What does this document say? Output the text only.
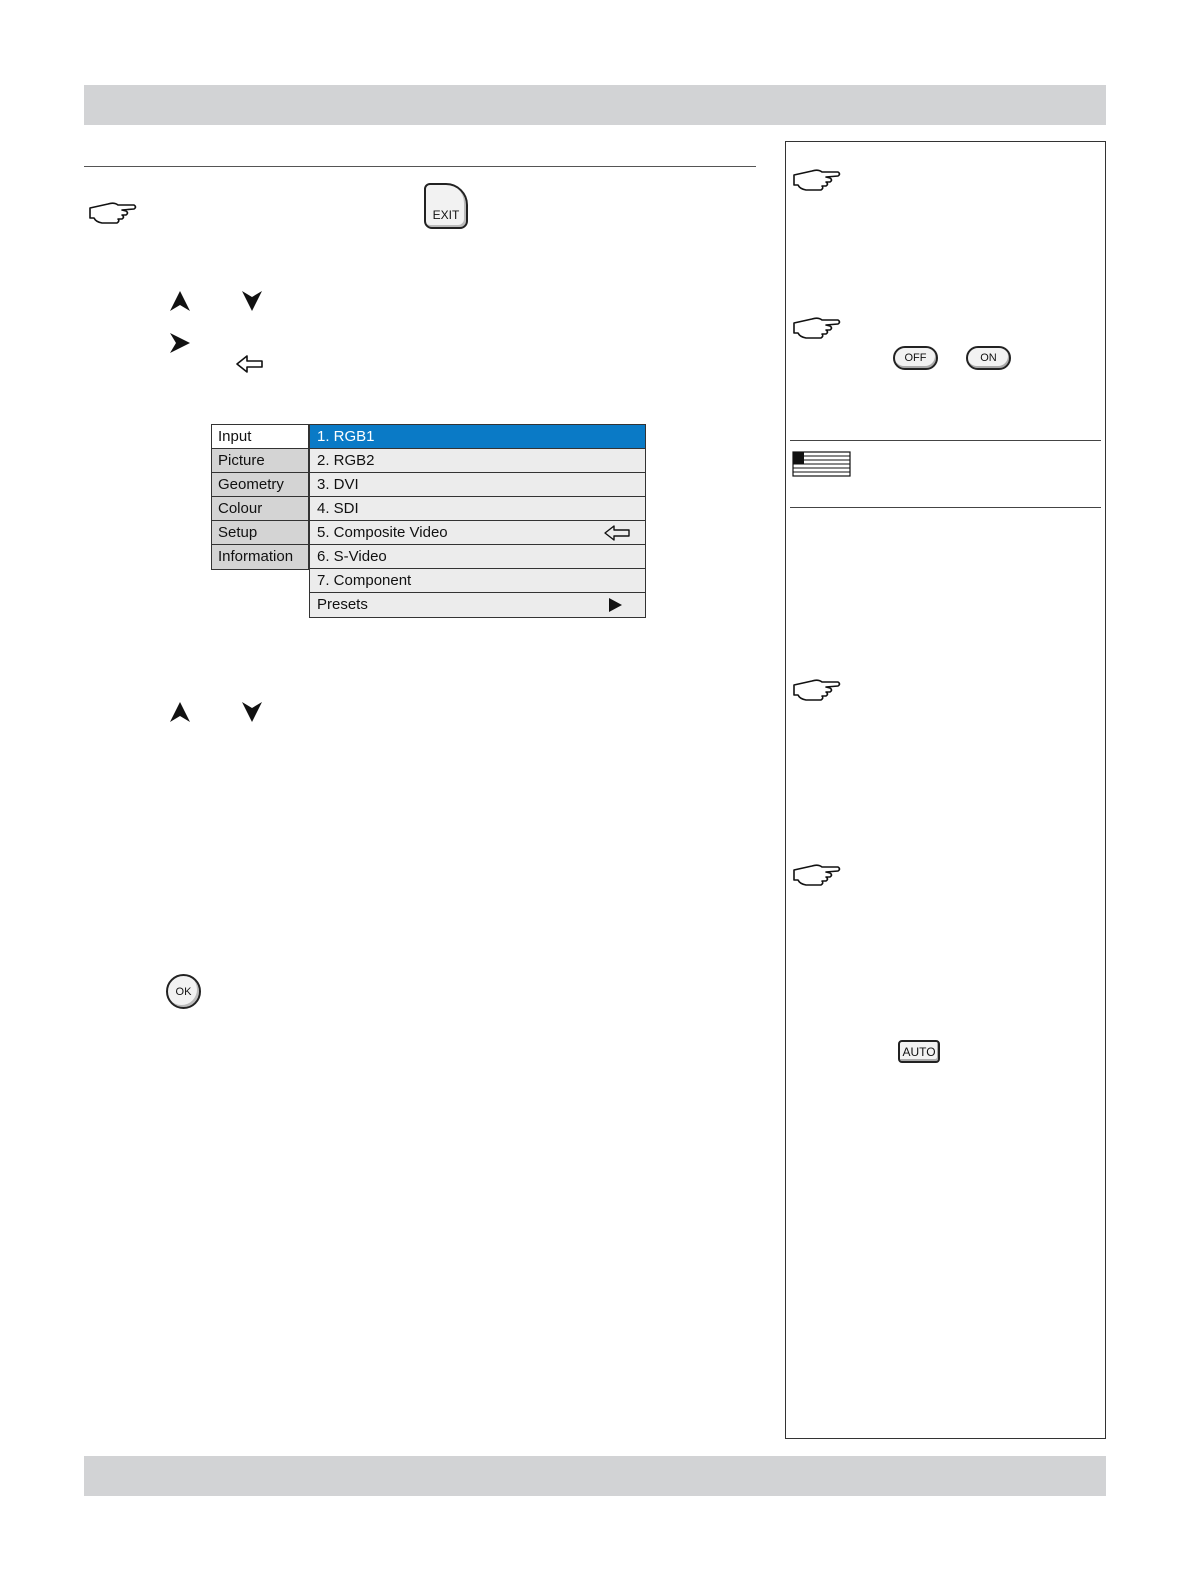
EXIT
Input
Picture
Geometry
Colour
Setup
Information
1. RGB1
2. RGB2
3. DVI
4. SDI
5. Composite Video
6. S-Video
7. Component
Presets
OK
OFF	ON
AUTO
